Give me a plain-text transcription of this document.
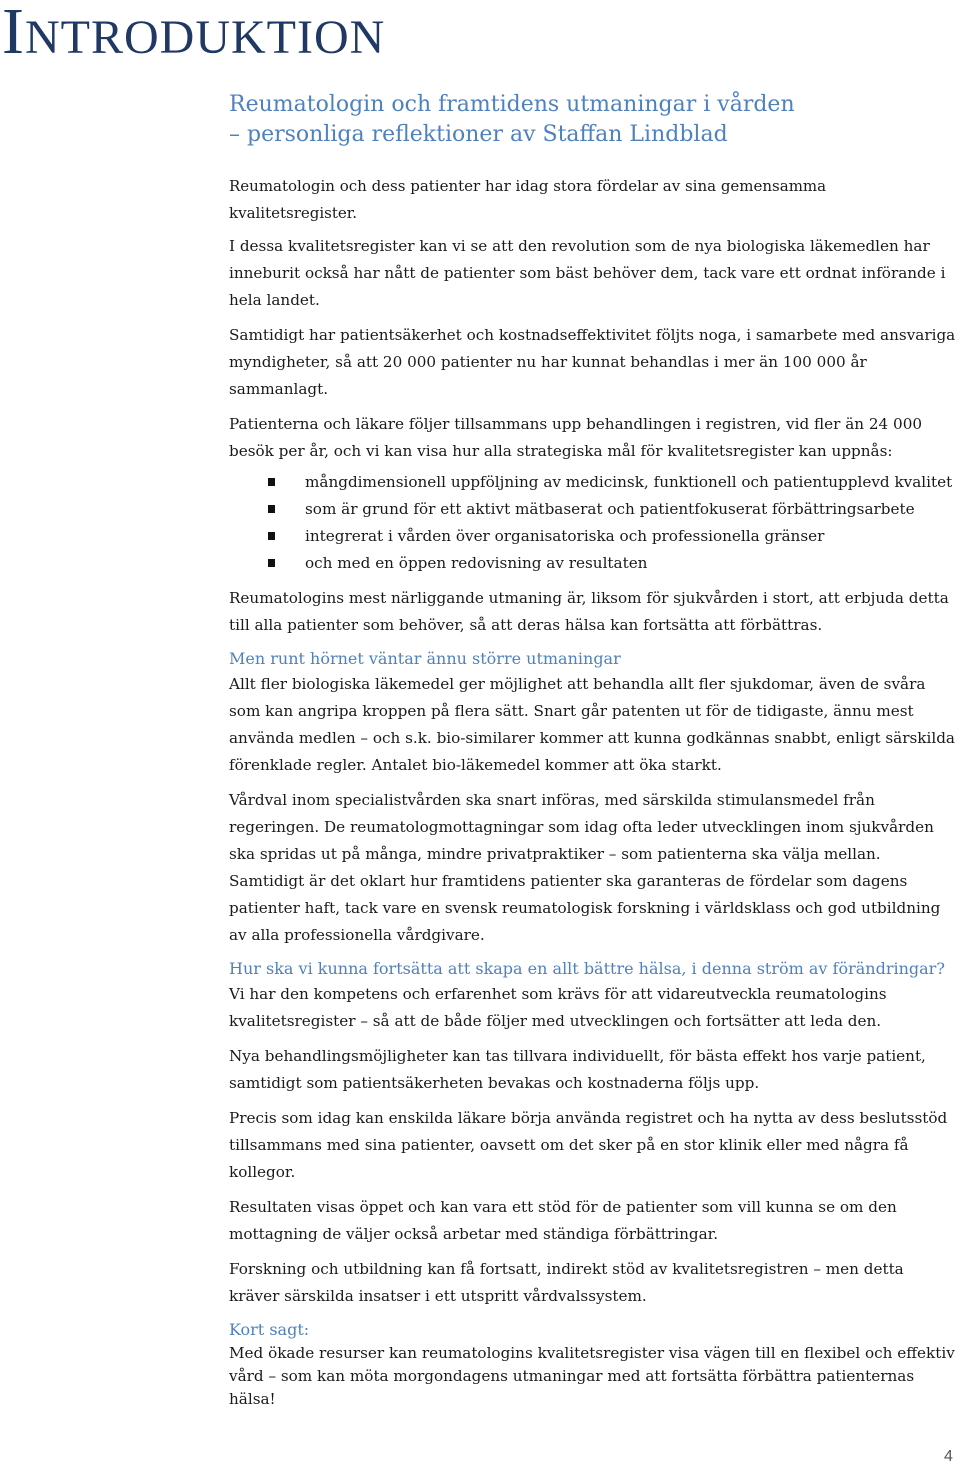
INTRODUKTION
Reumatologin och framtidens utmaningar i vården
– personliga reflektioner av Staffan Lindblad

Reumatologin och dess patienter har idag stora fördelar av sina gemensamma kvalitetsregister.

I dessa kvalitetsregister kan vi se att den revolution som de nya biologiska läkemedlen har inneburit också har nått de patienter som bäst behöver dem, tack vare ett ordnat införande i hela landet.

Samtidigt har patientsäkerhet och kostnadseffektivitet följts noga, i samarbete med ansvariga myndigheter, så att 20 000 patienter nu har kunnat behandlas i mer än 100 000 år sammanlagt.

Patienterna och läkare följer tillsammans upp behandlingen i registren, vid fler än 24 000 besök per år, och vi kan visa hur alla strategiska mål för kvalitetsregister kan uppnås:

mångdimensionell uppföljning av medicinsk, funktionell och patientupplevd kvalitet
som är grund för ett aktivt mätbaserat och patientfokuserat förbättringsarbete
integrerat i vården över organisatoriska och professionella gränser
och med en öppen redovisning av resultaten

Reumatologins mest närliggande utmaning är, liksom för sjukvården i stort, att erbjuda detta till alla patienter som behöver, så att deras hälsa kan fortsätta att förbättras.

Men runt hörnet väntar ännu större utmaningar

Allt fler biologiska läkemedel ger möjlighet att behandla allt fler sjukdomar, även de svåra som kan angripa kroppen på flera sätt. Snart går patenten ut för de tidigaste, ännu mest använda medlen – och s.k. bio-similarer kommer att kunna godkännas snabbt, enligt särskilda förenklade regler. Antalet bio-läkemedel kommer att öka starkt.

Vårdval inom specialistvården ska snart införas, med särskilda stimulansmedel från regeringen. De reumatologmottagningar som idag ofta leder utvecklingen inom sjukvården ska spridas ut på många, mindre privatpraktiker – som patienterna ska välja mellan. Samtidigt är det oklart hur framtidens patienter ska garanteras de fördelar som dagens patienter haft, tack vare en svensk reumatologisk forskning i världsklass och god utbildning av alla professionella vårdgivare.

Hur ska vi kunna fortsätta att skapa en allt bättre hälsa, i denna ström av förändringar?

Vi har den kompetens och erfarenhet som krävs för att vidareutveckla reumatologins kvalitetsregister – så att de både följer med utvecklingen och fortsätter att leda den.

Nya behandlingsmöjligheter kan tas tillvara individuellt, för bästa effekt hos varje patient, samtidigt som patientsäkerheten bevakas och kostnaderna följs upp.

Precis som idag kan enskilda läkare börja använda registret och ha nytta av dess beslutsstöd tillsammans med sina patienter, oavsett om det sker på en stor klinik eller med några få kollegor.

Resultaten visas öppet och kan vara ett stöd för de patienter som vill kunna se om den mottagning de väljer också arbetar med ständiga förbättringar.

Forskning och utbildning kan få fortsatt, indirekt stöd av kvalitetsregistren – men detta kräver särskilda insatser i ett utspritt vårdvalssystem.

Kort sagt:

Med ökade resurser kan reumatologins kvalitetsregister visa vägen till en flexibel och effektiv vård – som kan möta morgondagens utmaningar med att fortsätta förbättra patienternas hälsa!

4
